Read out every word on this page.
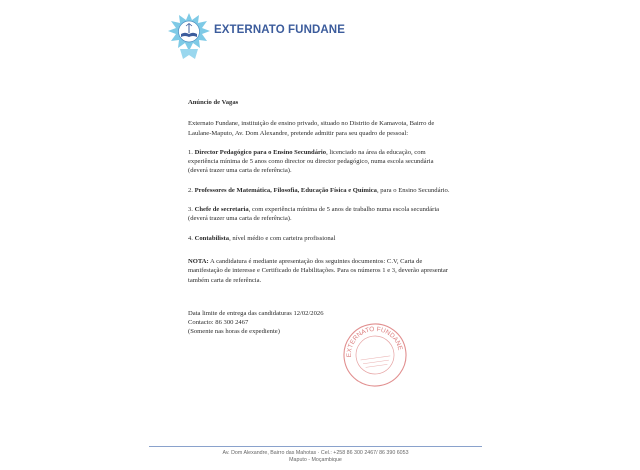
EXTERNATO FUNDANE
Anúncio de Vagas

Externato Fundane, instituição de ensino privado, situado no Distrito de Kamavota, Bairro de Laulane-Maputo, Av. Dom Alexandre, pretende admitir para seu quadro de pessoal:

1. Director Pedagógico para o Ensino Secundário, licenciado na área da educação, com experiência mínima de 5 anos como director ou director pedagógico, numa escola secundária (deverá trazer uma carta de referência).

2. Professores de Matemática, Filosofia, Educação Física e Química, para o Ensino Secundário.

3. Chefe de secretaria, com experiência mínima de 5 anos de trabalho numa escola secundária (deverá trazer uma carta de referência).

4. Contabilista, nível médio e com carteira profissional

NOTA: A candidatura é mediante apresentação dos seguintes documentos: C.V, Carta de manifestação de interesse e Certificado de Habilitações. Para os números 1 e 3, deverão apresentar também carta de referência.

Data limite de entrega das candidaturas 12/02/2026
Contacto: 86 300 2467
(Somente nas horas de expediente)
EXTERNATO FUNDANE
Av. Dom Alexandre, Bairro das Mahotas · Cel.: +258 86 300 2467/ 86 390 6053
Maputo - Moçambique
